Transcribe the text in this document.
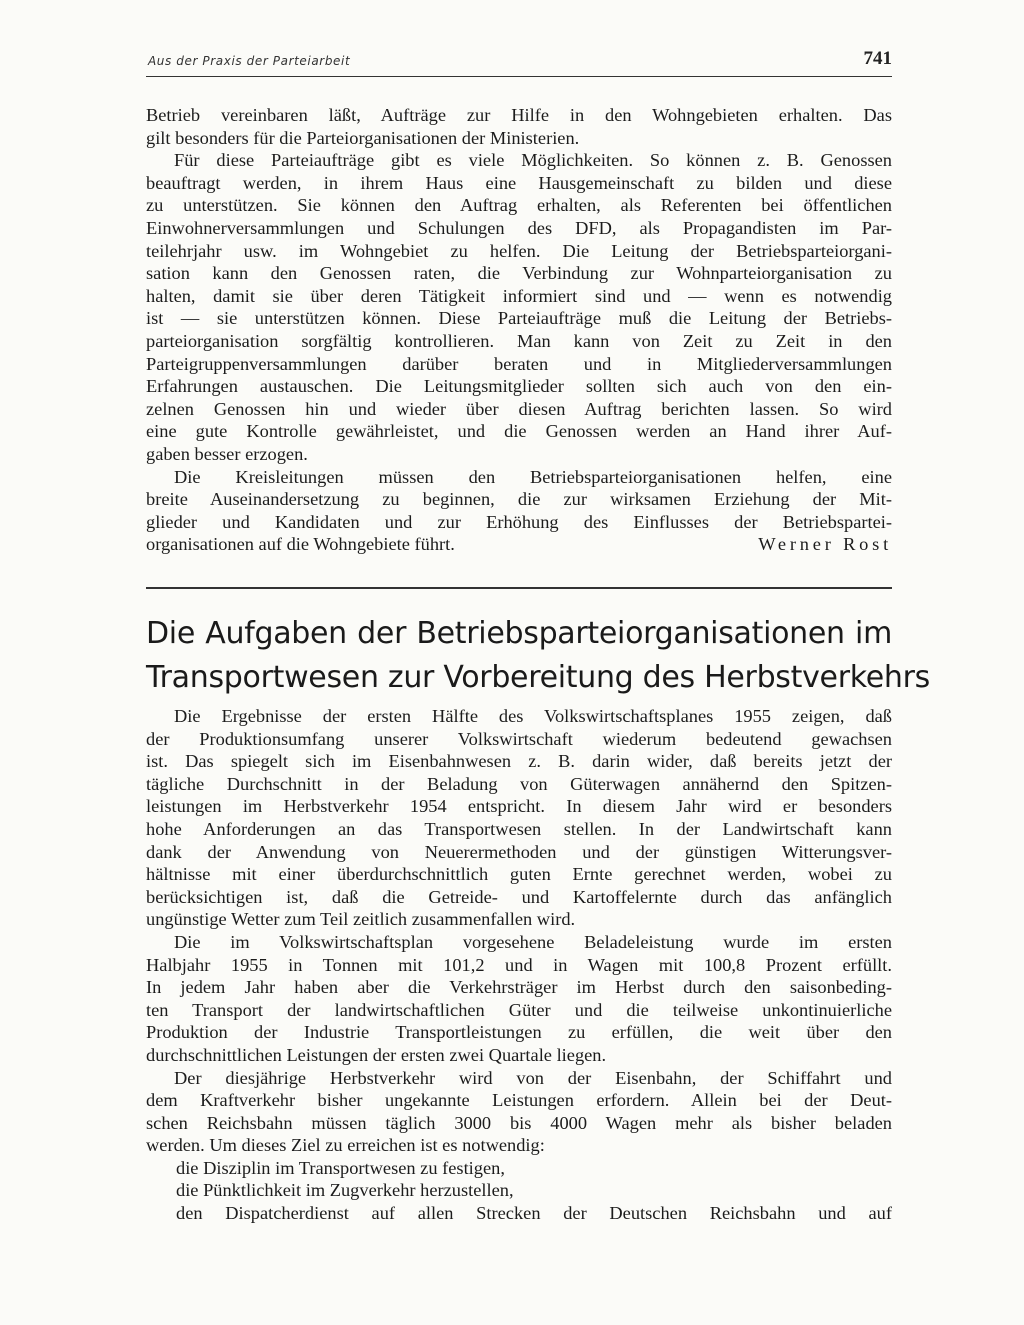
Aus der Praxis der Parteiarbeit	741
Betrieb vereinbaren läßt, Aufträge zur Hilfe in den Wohngebieten erhalten. Das
gilt besonders für die Parteiorganisationen der Ministerien.
Für diese Parteiaufträge gibt es viele Möglichkeiten. So können z. B. Genossen
beauftragt werden, in ihrem Haus eine Hausgemeinschaft zu bilden und diese
zu unterstützen. Sie können den Auftrag erhalten, als Referenten bei öffentlichen
Einwohnerversammlungen und Schulungen des DFD, als Propagandisten im Par-
teilehrjahr usw. im Wohngebiet zu helfen. Die Leitung der Betriebsparteiorgani-
sation kann den Genossen raten, die Verbindung zur Wohnparteiorganisation zu
halten, damit sie über deren Tätigkeit informiert sind und — wenn es notwendig
ist — sie unterstützen können. Diese Parteiaufträge muß die Leitung der Betriebs-
parteiorganisation sorgfältig kontrollieren. Man kann von Zeit zu Zeit in den
Parteigruppenversammlungen darüber beraten und in Mitgliederversammlungen
Erfahrungen austauschen. Die Leitungsmitglieder sollten sich auch von den ein-
zelnen Genossen hin und wieder über diesen Auftrag berichten lassen. So wird
eine gute Kontrolle gewährleistet, und die Genossen werden an Hand ihrer Auf-
gaben besser erzogen.
Die Kreisleitungen müssen den Betriebsparteiorganisationen helfen, eine
breite Auseinandersetzung zu beginnen, die zur wirksamen Erziehung der Mit-
glieder und Kandidaten und zur Erhöhung des Einflusses der Betriebspartei-
organisationen auf die Wohngebiete führt.	Werner Rost
Die Aufgaben der Betriebsparteiorganisationen im
Transportwesen zur Vorbereitung des Herbstverkehrs
Die Ergebnisse der ersten Hälfte des Volkswirtschaftsplanes 1955 zeigen, daß
der Produktionsumfang unserer Volkswirtschaft wiederum bedeutend gewachsen
ist. Das spiegelt sich im Eisenbahnwesen z. B. darin wider, daß bereits jetzt der
tägliche Durchschnitt in der Beladung von Güterwagen annähernd den Spitzen-
leistungen im Herbstverkehr 1954 entspricht. In diesem Jahr wird er besonders
hohe Anforderungen an das Transportwesen stellen. In der Landwirtschaft kann
dank der Anwendung von Neuerermethoden und der günstigen Witterungsver-
hältnisse mit einer überdurchschnittlich guten Ernte gerechnet werden, wobei zu
berücksichtigen ist, daß die Getreide- und Kartoffelernte durch das anfänglich
ungünstige Wetter zum Teil zeitlich zusammenfallen wird.
Die im Volkswirtschaftsplan vorgesehene Beladeleistung wurde im ersten
Halbjahr 1955 in Tonnen mit 101,2 und in Wagen mit 100,8 Prozent erfüllt.
In jedem Jahr haben aber die Verkehrsträger im Herbst durch den saisonbeding-
ten Transport der landwirtschaftlichen Güter und die teilweise unkontinuierliche
Produktion der Industrie Transportleistungen zu erfüllen, die weit über den
durchschnittlichen Leistungen der ersten zwei Quartale liegen.
Der diesjährige Herbstverkehr wird von der Eisenbahn, der Schiffahrt und
dem Kraftverkehr bisher ungekannte Leistungen erfordern. Allein bei der Deut-
schen Reichsbahn müssen täglich 3000 bis 4000 Wagen mehr als bisher beladen
werden. Um dieses Ziel zu erreichen ist es notwendig:
die Disziplin im Transportwesen zu festigen,
die Pünktlichkeit im Zugverkehr herzustellen,
den Dispatcherdienst auf allen Strecken der Deutschen Reichsbahn und auf
